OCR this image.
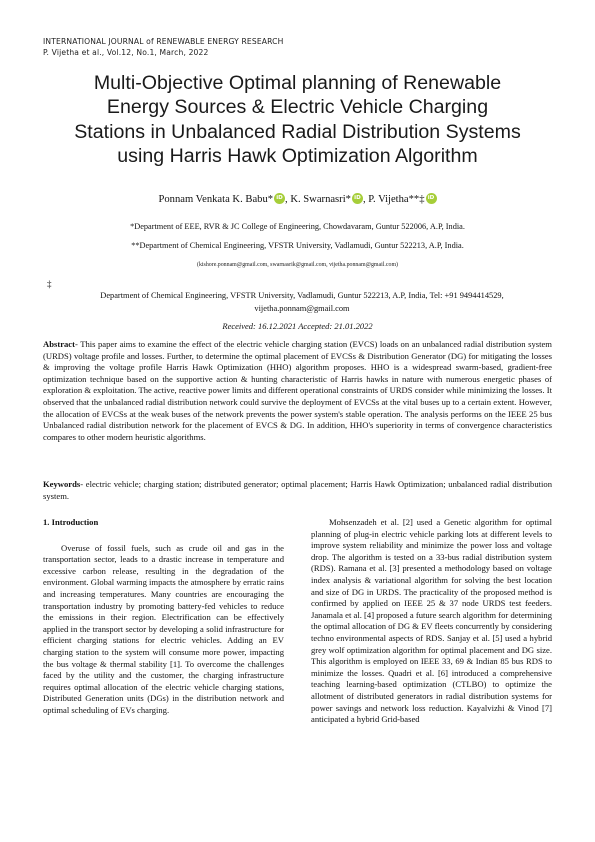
INTERNATIONAL JOURNAL of RENEWABLE ENERGY RESEARCH
P. Vijetha et al., Vol.12, No.1, March, 2022
Multi-Objective Optimal planning of Renewable
Energy Sources & Electric Vehicle Charging
Stations in Unbalanced Radial Distribution Systems
using Harris Hawk Optimization Algorithm
Ponnam Venkata K. Babu* iD , K. Swarnasri* iD , P. Vijetha**‡ iD
*Department of EEE, RVR & JC College of Engineering, Chowdavaram, Guntur 522006, A.P, India.
**Department of Chemical Engineering, VFSTR University, Vadlamudi, Guntur 522213, A.P, India.
(kishore.ponnam@gmail.com, swarnasrik@gmail.com, vijetha.ponnam@gmail.com)
‡
Department of Chemical Engineering, VFSTR University, Vadlamudi, Guntur 522213, A.P, India, Tel: +91 9494414529,
vijetha.ponnam@gmail.com
Received: 16.12.2021 Accepted: 21.01.2022
Abstract- This paper aims to examine the effect of the electric vehicle charging station (EVCS) loads on an unbalanced radial distribution system (URDS) voltage profile and losses. Further, to determine the optimal placement of EVCSs & Distribution Generator (DG) for mitigating the losses & improving the voltage profile Harris Hawk Optimization (HHO) algorithm proposes. HHO is a widespread swarm-based, gradient-free optimization technique based on the supportive action & hunting characteristic of Harris hawks in nature with numerous energetic phases of exploration & exploitation. The active, reactive power limits and different operational constraints of URDS consider while minimizing the losses. It observed that the unbalanced radial distribution network could survive the deployment of EVCSs at the vital buses up to a certain extent. However, the allocation of EVCSs at the weak buses of the network prevents the power system's stable operation. The analysis performs on the IEEE 25 bus Unbalanced radial distribution network for the placement of EVCS & DG. In addition, HHO's superiority in terms of convergence characteristics compares to other modern heuristic algorithms.
Keywords- electric vehicle; charging station; distributed generator; optimal placement; Harris Hawk Optimization; unbalanced radial distribution system.

1. Introduction

Overuse of fossil fuels, such as crude oil and gas in the transportation sector, leads to a drastic increase in temperature and excessive carbon release, resulting in the degradation of the environment. Global warming impacts the atmosphere by erratic rains and increasing temperatures. Many countries are encouraging the transportation industry by promoting battery-fed vehicles to reduce the emissions in their region. Electrification can be effectively applied in the transport sector by developing a solid infrastructure for efficient charging stations for electric vehicles. Adding an EV charging station to the system will consume more power, impacting the bus voltage & thermal stability [1]. To overcome the challenges faced by the utility and the customer, the charging infrastructure requires optimal allocation of the electric vehicle charging stations, Distributed Generation units (DGs) in the distribution network and optimal scheduling of EVs charging.

Mohsenzadeh et al. [2] used a Genetic algorithm for optimal planning of plug-in electric vehicle parking lots at different levels to improve system reliability and minimize the power loss and voltage drop. The algorithm is tested on a 33-bus radial distribution system (RDS). Ramana et al. [3] presented a methodology based on voltage index analysis & variational algorithm for solving the best location and size of DG in URDS. The practicality of the proposed method is confirmed by applied on IEEE 25 & 37 node URDS test feeders. Janamala et al. [4] proposed a future search algorithm for determining the optimal allocation of DG & EV fleets concurrently by considering techno environmental aspects of RDS. Sanjay et al. [5] used a hybrid grey wolf optimization algorithm for optimal placement and DG size. This algorithm is employed on IEEE 33, 69 & Indian 85 bus RDS to minimize the losses. Quadri et al. [6] introduced a comprehensive teaching learning-based optimization (CTLBO) to optimize the allotment of distributed generators in radial distribution systems for power savings and network loss reduction. Kayalvizhi & Vinod [7] anticipated a hybrid Grid-based
